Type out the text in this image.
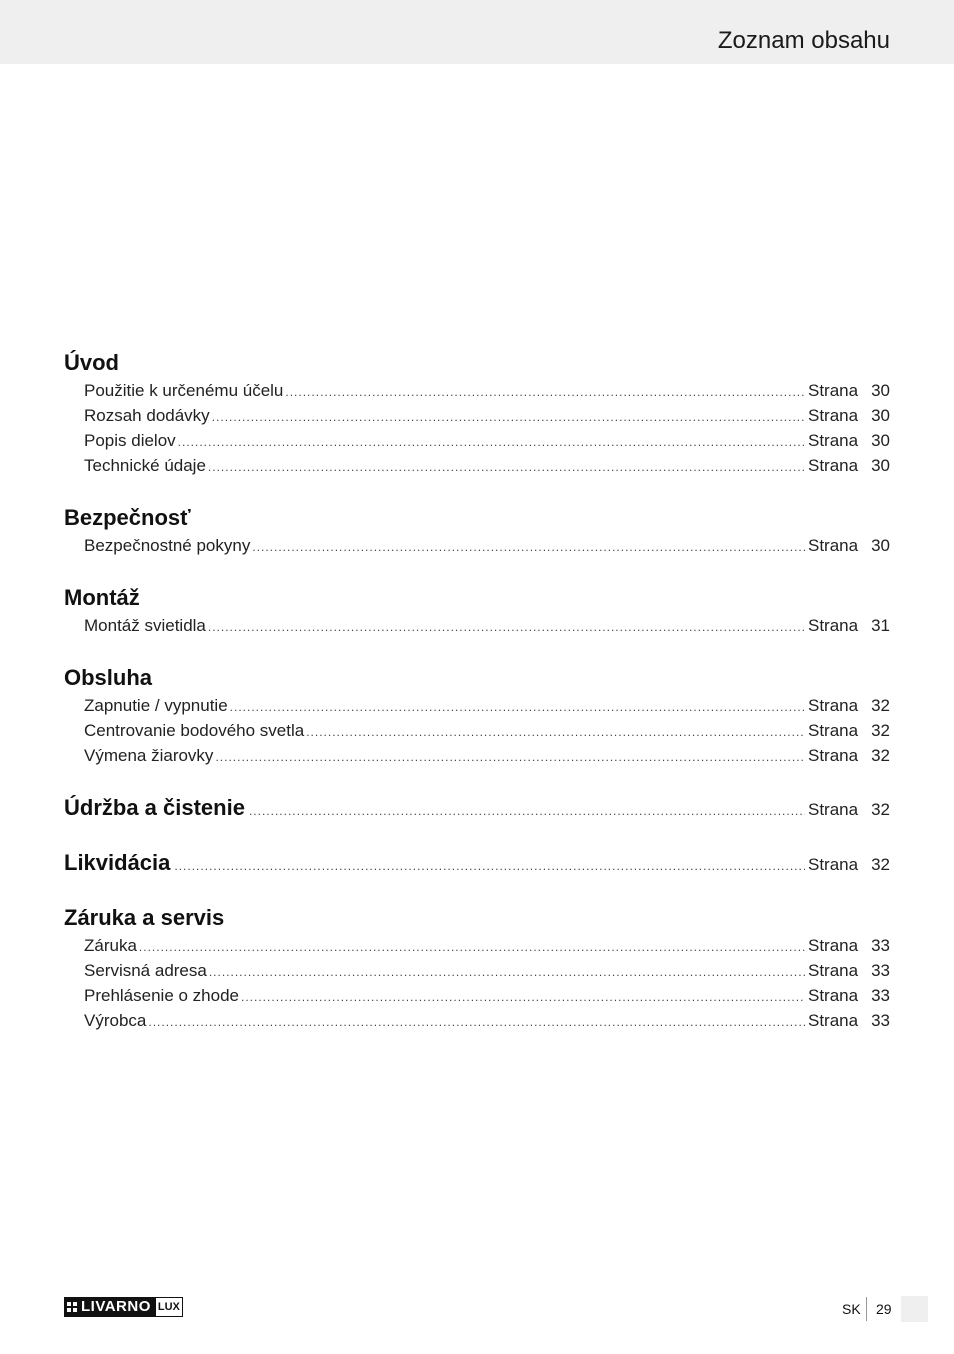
Zoznam obsahu
Úvod
Použitie k určenému účelu .....	Strana 30
Rozsah dodávky .....	Strana 30
Popis dielov .....	Strana 30
Technické údaje .....	Strana 30
Bezpečnosť
Bezpečnostné pokyny .....	Strana 30
Montáž
Montáž svietidla .....	Strana 31
Obsluha
Zapnutie / vypnutie .....	Strana 32
Centrovanie bodového svetla .....	Strana 32
Výmena žiarovky .....	Strana 32
Údržba a čistenie .....	Strana 32
Likvidácia .....	Strana 32
Záruka a servis
Záruka .....	Strana 33
Servisná adresa .....	Strana 33
Prehlásenie o zhode .....	Strana 33
Výrobca .....	Strana 33
LIVARNO LUX	SK 29
